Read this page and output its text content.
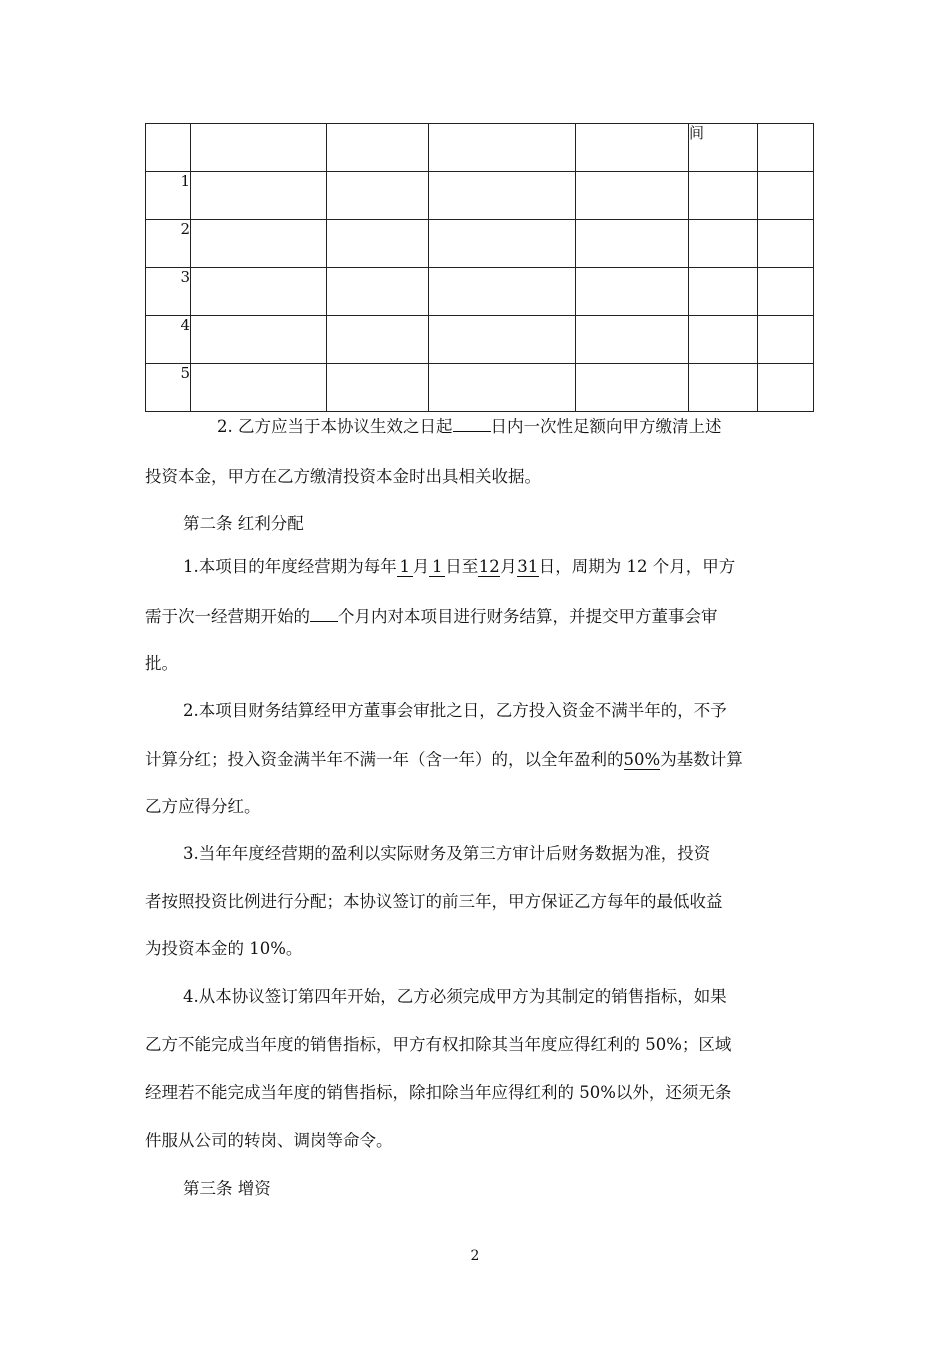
					间	
1						
2						
3						
4						
5						

2. 乙方应当于本协议生效之日起 日内一次性足额向甲方缴清上述

投资本金，甲方在乙方缴清投资本金时出具相关收据。

第二条 红利分配

1.本项目的年度经营期为每年 1 月 1 日至12月31日，周期为 12 个月，甲方

需于次一经营期开始的 个月内对本项目进行财务结算，并提交甲方董事会审

批。

2.本项目财务结算经甲方董事会审批之日，乙方投入资金不满半年的，不予

计算分红；投入资金满半年不满一年（含一年）的，以全年盈利的50%为基数计算

乙方应得分红。

3.当年年度经营期的盈利以实际财务及第三方审计后财务数据为准，投资

者按照投资比例进行分配；本协议签订的前三年，甲方保证乙方每年的最低收益

为投资本金的 10%。

4.从本协议签订第四年开始，乙方必须完成甲方为其制定的销售指标，如果

乙方不能完成当年度的销售指标，甲方有权扣除其当年度应得红利的 50%；区域

经理若不能完成当年度的销售指标，除扣除当年应得红利的 50%以外，还须无条

件服从公司的转岗、调岗等命令。

第三条 增资

2
